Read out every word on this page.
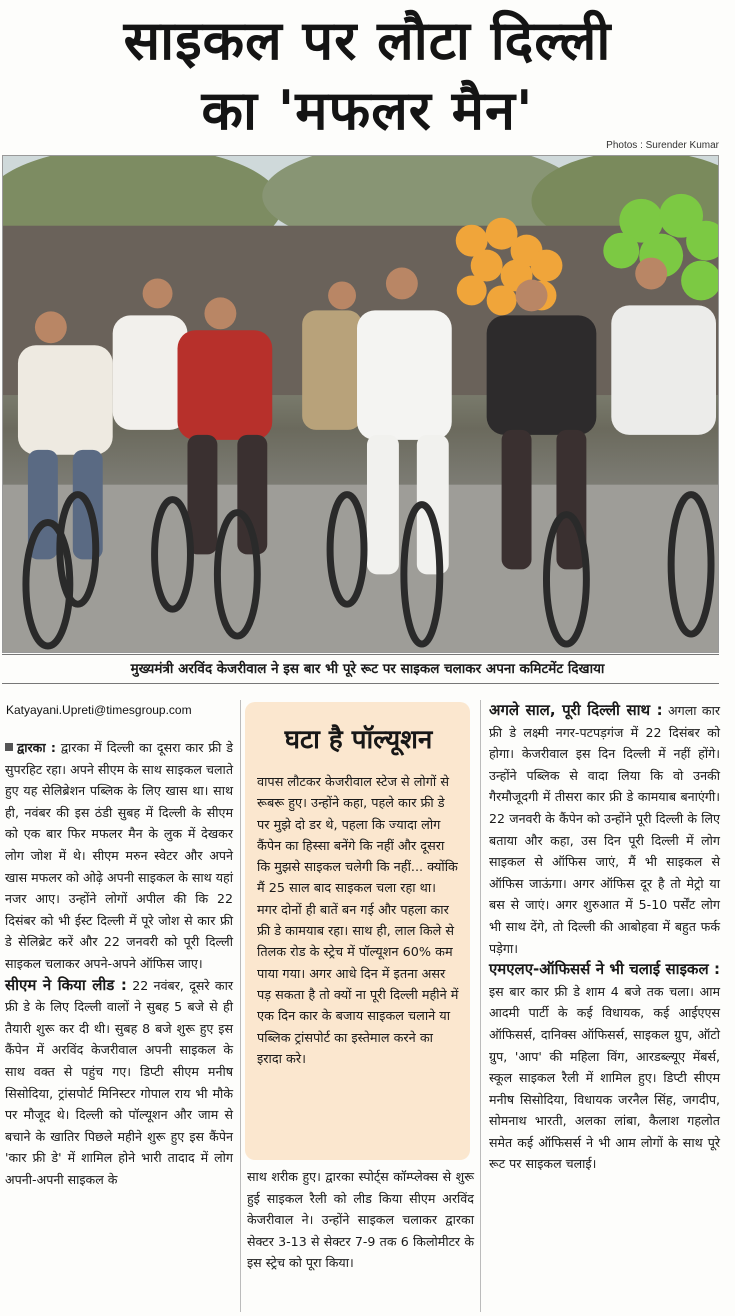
साइकल पर लौटा दिल्ली
का 'मफलर मैन'
Photos : Surender Kumar
मुख्यमंत्री अरविंद केजरीवाल ने इस बार भी पूरे रूट पर साइकल चलाकर अपना कमिटमेंट दिखाया
Katyayani.Upreti@timesgroup.com
द्वारका : द्वारका में दिल्ली का दूसरा कार फ्री डे सुपरहिट रहा। अपने सीएम के साथ साइकल चलाते हुए यह सेलिब्रेशन पब्लिक के लिए खास था। साथ ही, नवंबर की इस ठंडी सुबह में दिल्ली के सीएम को एक बार फिर मफलर मैन के लुक में देखकर लोग जोश में थे। सीएम मरुन स्वेटर और अपने खास मफलर को ओढ़े अपनी साइकल के साथ यहां नजर आए। उन्होंने लोगों अपील की कि 22 दिसंबर को भी ईस्ट दिल्ली में पूरे जोश से कार फ्री डे सेलिब्रेट करें और 22 जनवरी को पूरी दिल्ली साइकल चलाकर अपने-अपने ऑफिस जाए।
सीएम ने किया लीड : 22 नवंबर, दूसरे कार फ्री डे के लिए दिल्ली वालों ने सुबह 5 बजे से ही तैयारी शुरू कर दी थी। सुबह 8 बजे शुरू हुए इस कैंपेन में अरविंद केजरीवाल अपनी साइकल के साथ वक्त से पहुंच गए। डिप्टी सीएम मनीष सिसोदिया, ट्रांसपोर्ट मिनिस्टर गोपाल राय भी मौके पर मौजूद थे। दिल्ली को पॉल्यूशन और जाम से बचाने के खातिर पिछले महीने शुरू हुए इस कैंपेन 'कार फ्री डे' में शामिल होने भारी तादाद में लोग अपनी-अपनी साइकल के
घटा है पॉल्यूशन

वापस लौटकर केजरीवाल स्टेज से लोगों से रूबरू हुए। उन्होंने कहा, पहले कार फ्री डे पर मुझे दो डर थे, पहला कि ज्यादा लोग कैंपेन का हिस्सा बनेंगे कि नहीं और दूसरा कि मुझसे साइकल चलेगी कि नहीं... क्योंकि मैं 25 साल बाद साइकल चला रहा था। मगर दोनों ही बातें बन गई और पहला कार फ्री डे कामयाब रहा। साथ ही, लाल किले से तिलक रोड के स्ट्रेच में पॉल्यूशन 60% कम पाया गया। अगर आधे दिन में इतना असर पड़ सकता है तो क्यों ना पूरी दिल्ली महीने में एक दिन कार के बजाय साइकल चलाने या पब्लिक ट्रांसपोर्ट का इस्तेमाल करने का इरादा करे।

साथ शरीक हुए। द्वारका स्पोर्ट्स कॉम्प्लेक्स से शुरू हुई साइकल रैली को लीड किया सीएम अरविंद केजरीवाल ने। उन्होंने साइकल चलाकर द्वारका सेक्टर 3-13 से सेक्टर 7-9 तक 6 किलोमीटर के इस स्ट्रेच को पूरा किया।
अगले साल, पूरी दिल्ली साथ : अगला कार फ्री डे लक्ष्मी नगर-पटपड़गंज में 22 दिसंबर को होगा। केजरीवाल इस दिन दिल्ली में नहीं होंगे। उन्होंने पब्लिक से वादा लिया कि वो उनकी गैरमौजूदगी में तीसरा कार फ्री डे कामयाब बनाएंगी। 22 जनवरी के कैंपेन को उन्होंने पूरी दिल्ली के लिए बताया और कहा, उस दिन पूरी दिल्ली में लोग साइकल से ऑफिस जाएं, मैं भी साइकल से ऑफिस जाऊंगा। अगर ऑफिस दूर है तो मेट्रो या बस से जाएं। अगर शुरुआत में 5-10 पर्सेंट लोग भी साथ देंगे, तो दिल्ली की आबोहवा में बहुत फर्क पड़ेगा।
एमएलए-ऑफिसर्स ने भी चलाई साइकल : इस बार कार फ्री डे शाम 4 बजे तक चला। आम आदमी पार्टी के कई विधायक, कई आईएएस ऑफिसर्स, दानिक्स ऑफिसर्स, साइकल ग्रुप, ऑटो ग्रुप, 'आप' की महिला विंग, आरडब्ल्यूए मेंबर्स, स्कूल साइकल रैली में शामिल हुए। डिप्टी सीएम मनीष सिसोदिया, विधायक जरनैल सिंह, जगदीप, सोमनाथ भारती, अलका लांबा, कैलाश गहलोत समेत कई ऑफिसर्स ने भी आम लोगों के साथ पूरे रूट पर साइकल चलाई।
